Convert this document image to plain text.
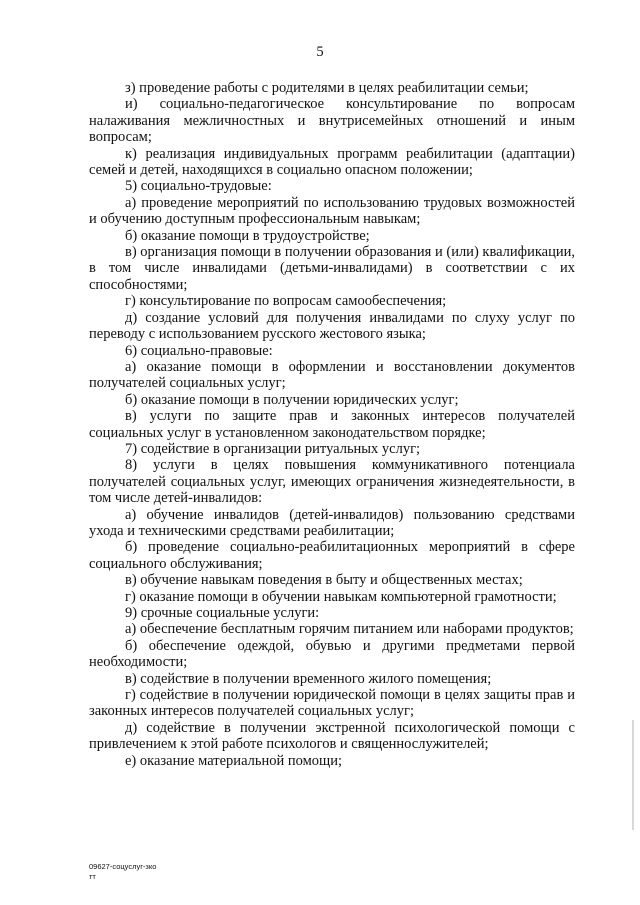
5

з) проведение работы с родителями в целях реабилитации семьи;

и) социально-педагогическое консультирование по вопросам налаживания межличностных и внутрисемейных отношений и иным вопросам;

к) реализация индивидуальных программ реабилитации (адаптации) семей и детей, находящихся в социально опасном положении;

5) социально-трудовые:

а) проведение мероприятий по использованию трудовых возможностей и обучению доступным профессиональным навыкам;

б) оказание помощи в трудоустройстве;

в) организация помощи в получении образования и (или) квалификации, в том числе инвалидами (детьми-инвалидами) в соответствии с их способностями;

г) консультирование по вопросам самообеспечения;

д) создание условий для получения инвалидами по слуху услуг по переводу с использованием русского жестового языка;

6) социально-правовые:

а) оказание помощи в оформлении и восстановлении документов получателей социальных услуг;

б) оказание помощи в получении юридических услуг;

в) услуги по защите прав и законных интересов получателей социальных услуг в установленном законодательством порядке;

7) содействие в организации ритуальных услуг;

8) услуги в целях повышения коммуникативного потенциала получателей социальных услуг, имеющих ограничения жизнедеятельности, в том числе детей-инвалидов:

а) обучение инвалидов (детей-инвалидов) пользованию средствами ухода и техническими средствами реабилитации;

б) проведение социально-реабилитационных мероприятий в сфере социального обслуживания;

в) обучение навыкам поведения в быту и общественных местах;

г) оказание помощи в обучении навыкам компьютерной грамотности;

9) срочные социальные услуги:

а) обеспечение бесплатным горячим питанием или наборами продуктов;

б) обеспечение одеждой, обувью и другими предметами первой необходимости;

в) содействие в получении временного жилого помещения;

г) содействие в получении юридической помощи в целях защиты прав и законных интересов получателей социальных услуг;

д) содействие в получении экстренной психологической помощи с привлечением к этой работе психологов и священнослужителей;

е) оказание материальной помощи;

09627-соцуслуг-зко
тт
